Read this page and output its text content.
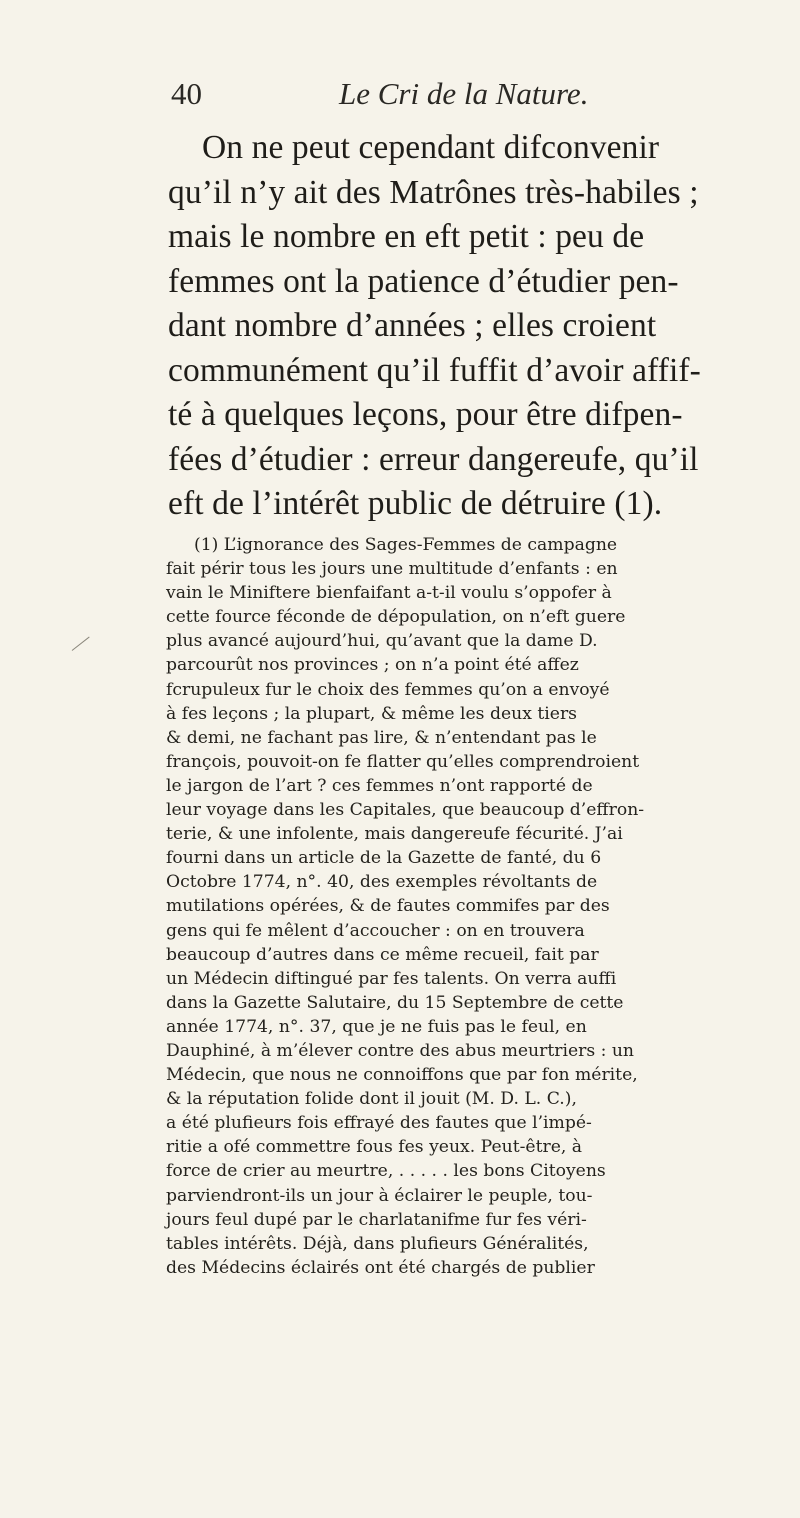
40	Le Cri de la Nature.
On ne peut cependant difconvenir
qu’il n’y ait des Matrônes très-habiles ;
mais le nombre en eft petit : peu de
femmes ont la patience d’étudier pen-
dant nombre d’années ; elles croient
communément qu’il fuffit d’avoir affif-
té à quelques leçons, pour être difpen-
fées d’étudier : erreur dangereufe, qu’il
eft de l’intérêt public de détruire (1).
(1) L’ignorance des Sages-Femmes de campagne
fait périr tous les jours une multitude d’enfants : en
vain le Miniftere bienfaifant a-t-il voulu s’oppofer à
cette fource féconde de dépopulation, on n’eft guere
plus avancé aujourd’hui, qu’avant que la dame D.
parcourût nos provinces ; on n’a point été affez
fcrupuleux fur le choix des femmes qu’on a envoyé
à fes leçons ; la plupart, & même les deux tiers
& demi, ne fachant pas lire, & n’entendant pas le
françois, pouvoit-on fe flatter qu’elles comprendroient
le jargon de l’art ? ces femmes n’ont rapporté de
leur voyage dans les Capitales, que beaucoup d’effron-
terie, & une infolente, mais dangereufe fécurité. J’ai
fourni dans un article de la Gazette de fanté, du 6
Octobre 1774, n°. 40, des exemples révoltants de
mutilations opérées, & de fautes commifes par des
gens qui fe mêlent d’accoucher : on en trouvera
beaucoup d’autres dans ce même recueil, fait par
un Médecin diftingué par fes talents. On verra auffi
dans la Gazette Salutaire, du 15 Septembre de cette
année 1774, n°. 37, que je ne fuis pas le feul, en
Dauphiné, à m’élever contre des abus meurtriers : un
Médecin, que nous ne connoiffons que par fon mérite,
& la réputation folide dont il jouit (M. D. L. C.),
a été plufieurs fois effrayé des fautes que l’impé-
ritie a ofé commettre fous fes yeux. Peut-être, à
force de crier au meurtre, . . . . . les bons Citoyens
parviendront-ils un jour à éclairer le peuple, tou-
jours feul dupé par le charlatanifme fur fes véri-
tables intérêts. Déjà, dans plufieurs Généralités,
des Médecins éclairés ont été chargés de publier
